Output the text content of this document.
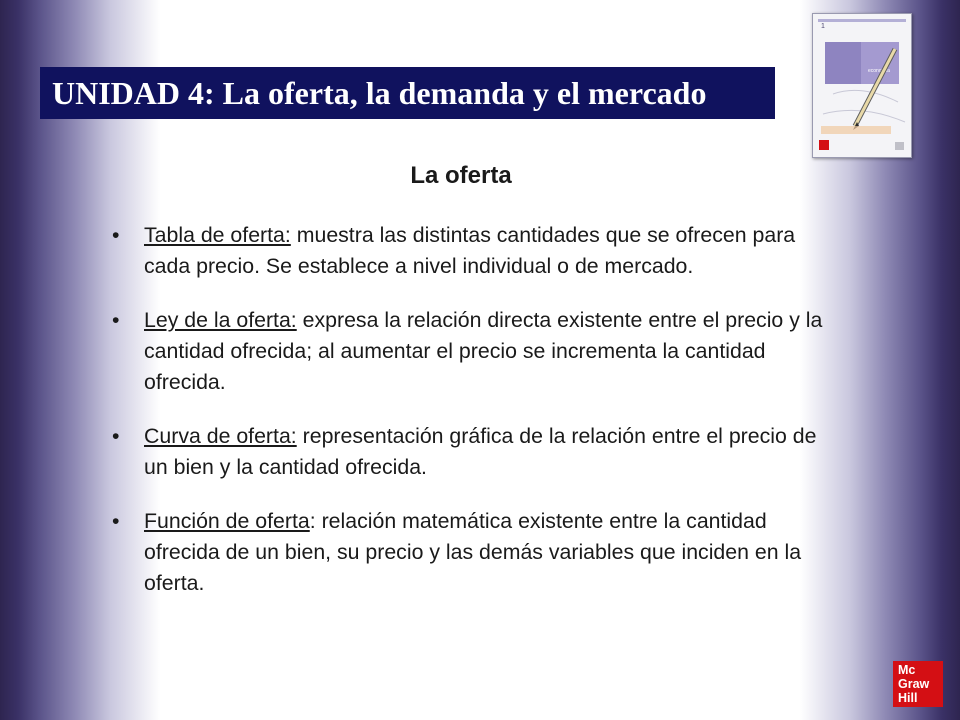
UNIDAD 4: La oferta, la demanda y el mercado
1
economía
La oferta
• Tabla de oferta: muestra las distintas cantidades que se ofrecen para cada precio. Se establece a nivel individual o de mercado.
• Ley de la oferta: expresa la relación directa existente entre el precio y la cantidad ofrecida; al aumentar el precio se incrementa la cantidad ofrecida.
• Curva de oferta: representación gráfica de la relación entre el precio de un bien y la cantidad ofrecida.
• Función de oferta: relación matemática existente entre la cantidad ofrecida de un bien, su precio y las demás variables que inciden en la oferta.
Mc
Graw
Hill
